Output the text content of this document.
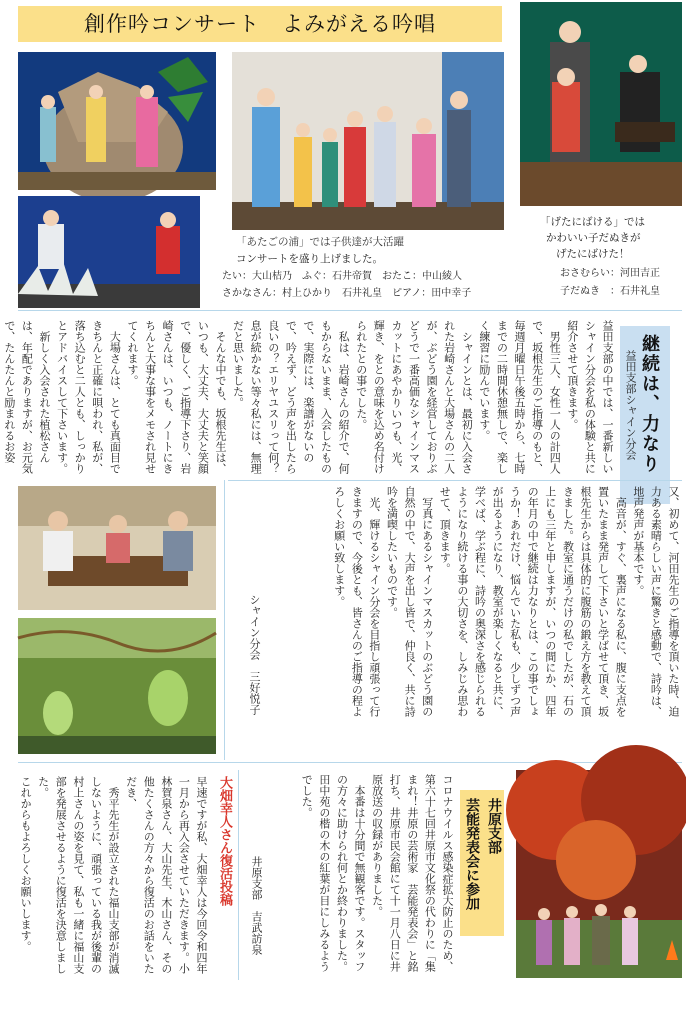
創作吟コンサート　よみがえる吟唱
「あたごの浦」では子供達が大活躍
コンサートを盛り上げました。
たい：大山桔乃　ふぐ：石井帝賀　おたこ：中山綾人
さかなさん：村上ひかり　石井礼皇　ピアノ：田中幸子
「げたにばける」では
かわいい子だぬきが
げたにばけた！
おさむらい：河田吉正
子だぬき　：石井礼皇
継続は、力なり
益田支部シャイン分会
益田支部の中では、一番新しいシャイン分会を私の体験と共に紹介させて頂きます。
　男性三人、女性一人の計四人で、坂根先生のご指導のもと、毎週月曜日午後五時から、七時までの二時間休憩無しで、楽しく練習に励んでいます。
　シャインとは、最初に入会された岩崎さんと大場さんの二人が、ぶどう園を経営しておりぶどうで一番高価なシャインマスカットにあやかりいつも、光、輝き、をとの意味を込め名付けられたとの事でした。
　私は、岩崎さんの紹介で、何もからないまま、入会したもので、実際には、楽譜がないので、吟えず、どう声を出したら良いの？エリヤユスリって何？息が続かない等々私には、無理だと思いました。
　そんな中でも、坂根先生は、いつも、大丈夫、大丈夫と笑顔で、優しく、ご指導下さり、岩崎さんは、いつも、ノートにきちんと大事な事をメモされ見せてくれます。
　大場さんは、とても真面目できちんと正確に唄われ、私が、落ち込むと二人とも、しっかりとアドバイスして下さいます。
　新しく入会された植松さんは、年配でありますが、お元気で、たんたんと励まれるお姿
又、初めて、河田先生のご指導を頂いた時、迫力ある素晴らしい声に驚きと感動で、詩吟は、地声発声が基本です。
　高音が、すぐ、裏声になる私に、腹に支点を置いたまま発声して下さいと学ばせて頂き、坂根先生からは具体的に腹筋の鍛え方を教えて頂きました。教室に通うだけの私でしたが、石の上にも三年と申しますが、いつの間にか、四年の年月の中で継続は力なりとは、この事でしょうか！あれだけ、悩んでいた私も、少しずつ声が出るようになり、教室が楽しくなると共に、学べば、学ぶ程に、詩吟の奥深さを感じられるようになり続ける事の大切さを、しみじみ思わせて、頂きます。
　写真にあるシャインマスカットのぶどう園の自然の中で、大声を出し皆で、仲良く、共に詩吟を満喫したいものです。
　光、輝けるシャイン分会を目指し頑張って行きますので、今後とも、皆さんのご指導の程よろしくお願い致します。
シャイン分会　三好悦子
井原支部
芸能発表会に参加
コロナウイルス感染症拡大防止のため、第六十七回井原市文化祭の代わりに「集まれ！井原の芸術家　芸能発表会」と銘打ち、井原市民会館にて十一月八日に井原放送の収録がありました。
　本番は十分間で無観客です。スタッフの方々に助けられ何とか終わりました。田中苑の楷の木の紅葉が目にしみるようでした。
井原支部　吉武訪泉
大畑幸人さん復活投稿
早速ですが私、大畑幸人は今回令和四年一月から再入会させていただきます。小林賀泉さん、大山先生、木山さん、その他たくさんの方々から復活のお話をいただき、
　秀平先生が設立された福山支部が消滅しないように、頑張っている我が後輩の村上さんの姿を見て、私も一緒に福山支部を発展させるように復活を決意しました。
これからもよろしくお願いします。
